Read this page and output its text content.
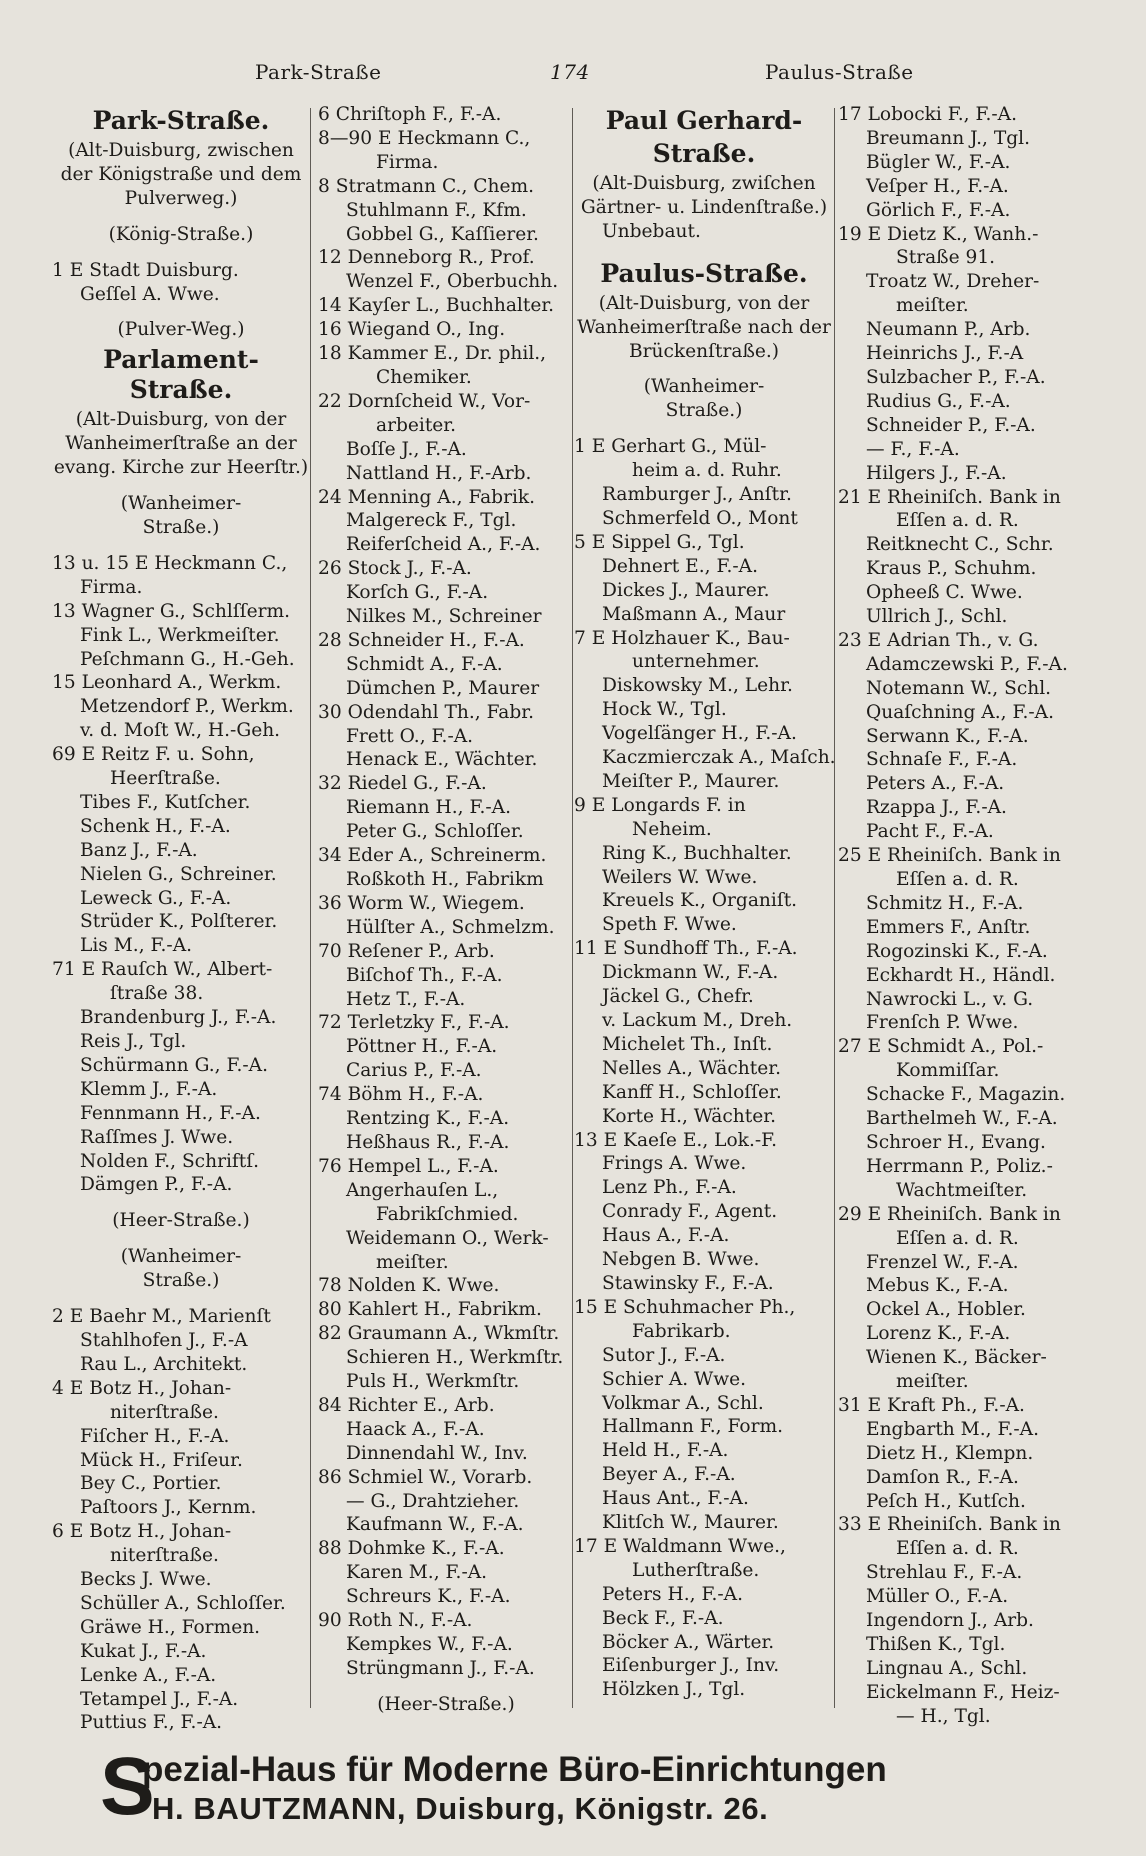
Park-Straße	174	Paulus-Straße
Park-Straße.
(Alt-Duisburg, zwischen
der Königstraße und dem
Pulverweg.)
(König-Straße.)
1 E Stadt Duisburg.
Geſſel A. Wwe.
(Pulver-Weg.)
Parlament-Straße.
(Alt-Duisburg, von der
Wanheimerſtraße an der
evang. Kirche zur Heerſtr.)
(Wanheimer-
Straße.)
13 u. 15 E Heckmann C.,
Firma.
13 Wagner G., Schlſſerm.
Fink L., Werkmeiſter.
Peſchmann G., H.-Geh.
15 Leonhard A., Werkm.
Metzendorf P., Werkm.
v. d. Moſt W., H.-Geh.
69 E Reitz F. u. Sohn,
Heerſtraße.
Tibes F., Kutſcher.
Schenk H., F.-A.
Banz J., F.-A.
Nielen G., Schreiner.
Leweck G., F.-A.
Strüder K., Polſterer.
Lis M., F.-A.
71 E Rauſch W., Albert-
ſtraße 38.
Brandenburg J., F.-A.
Reis J., Tgl.
Schürmann G., F.-A.
Klemm J., F.-A.
Fennmann H., F.-A.
Raſſmes J. Wwe.
Nolden F., Schriftſ.
Dämgen P., F.-A.
(Heer-Straße.)
(Wanheimer-
Straße.)
2 E Baehr M., Marienſt
Stahlhofen J., F.-A
Rau L., Architekt.
4 E Botz H., Johan-
niterſtraße.
Fiſcher H., F.-A.
Mück H., Friſeur.
Bey C., Portier.
Paſtoors J., Kernm.
6 E Botz H., Johan-
niterſtraße.
Becks J. Wwe.
Schüller A., Schloſſer.
Gräwe H., Formen.
Kukat J., F.-A.
Lenke A., F.-A.
Tetampel J., F.-A.
Puttius F., F.-A.
6 Chriſtoph F., F.-A.
8—90 E Heckmann C.,
Firma.
8 Stratmann C., Chem.
Stuhlmann F., Kfm.
Gobbel G., Kaſſierer.
12 Denneborg R., Prof.
Wenzel F., Oberbuchh.
14 Kayſer L., Buchhalter.
16 Wiegand O., Ing.
18 Kammer E., Dr. phil.,
Chemiker.
22 Dornſcheid W., Vor-
arbeiter.
Boſſe J., F.-A.
Nattland H., F.-Arb.
24 Menning A., Fabrik.
Malgereck F., Tgl.
Reiferſcheid A., F.-A.
26 Stock J., F.-A.
Korſch G., F.-A.
Nilkes M., Schreiner
28 Schneider H., F.-A.
Schmidt A., F.-A.
Dümchen P., Maurer
30 Odendahl Th., Fabr.
Frett O., F.-A.
Henack E., Wächter.
32 Riedel G., F.-A.
Riemann H., F.-A.
Peter G., Schloſſer.
34 Eder A., Schreinerm.
Roßkoth H., Fabrikm
36 Worm W., Wiegem.
Hülſter A., Schmelzm.
70 Reſener P., Arb.
Biſchof Th., F.-A.
Hetz T., F.-A.
72 Terletzky F., F.-A.
Pöttner H., F.-A.
Carius P., F.-A.
74 Böhm H., F.-A.
Rentzing K., F.-A.
Heßhaus R., F.-A.
76 Hempel L., F.-A.
Angerhauſen L.,
Fabrikſchmied.
Weidemann O., Werk-
meiſter.
78 Nolden K. Wwe.
80 Kahlert H., Fabrikm.
82 Graumann A., Wkmſtr.
Schieren H., Werkmſtr.
Puls H., Werkmſtr.
84 Richter E., Arb.
Haack A., F.-A.
Dinnendahl W., Inv.
86 Schmiel W., Vorarb.
— G., Drahtzieher.
Kaufmann W., F.-A.
88 Dohmke K., F.-A.
Karen M., F.-A.
Schreurs K., F.-A.
90 Roth N., F.-A.
Kempkes W., F.-A.
Strüngmann J., F.-A.
(Heer-Straße.)
Paul Gerhard-
Straße.
(Alt-Duisburg, zwiſchen
Gärtner- u. Lindenſtraße.)
Unbebaut.
Paulus-Straße.
(Alt-Duisburg, von der
Wanheimerſtraße nach der
Brückenſtraße.)
(Wanheimer-
Straße.)
1 E Gerhart G., Mül-
heim a. d. Ruhr.
Ramburger J., Anſtr.
Schmerfeld O., Mont
5 E Sippel G., Tgl.
Dehnert E., F.-A.
Dickes J., Maurer.
Maßmann A., Maur
7 E Holzhauer K., Bau-
unternehmer.
Diskowsky M., Lehr.
Hock W., Tgl.
Vogelſänger H., F.-A.
Kaczmierczak A., Maſch.
Meiſter P., Maurer.
9 E Longards F. in
Neheim.
Ring K., Buchhalter.
Weilers W. Wwe.
Kreuels K., Organiſt.
Speth F. Wwe.
11 E Sundhoff Th., F.-A.
Dickmann W., F.-A.
Jäckel G., Chefr.
v. Lackum M., Dreh.
Michelet Th., Inſt.
Nelles A., Wächter.
Kanff H., Schloſſer.
Korte H., Wächter.
13 E Kaeſe E., Lok.-F.
Frings A. Wwe.
Lenz Ph., F.-A.
Conrady F., Agent.
Haus A., F.-A.
Nebgen B. Wwe.
Stawinsky F., F.-A.
15 E Schuhmacher Ph.,
Fabrikarb.
Sutor J., F.-A.
Schier A. Wwe.
Volkmar A., Schl.
Hallmann F., Form.
Held H., F.-A.
Beyer A., F.-A.
Haus Ant., F.-A.
Klitſch W., Maurer.
17 E Waldmann Wwe.,
Lutherſtraße.
Peters H., F.-A.
Beck F., F.-A.
Böcker A., Wärter.
Eiſenburger J., Inv.
Hölzken J., Tgl.
17 Lobocki F., F.-A.
Breumann J., Tgl.
Bügler W., F.-A.
Veſper H., F.-A.
Görlich F., F.-A.
19 E Dietz K., Wanh.-
Straße 91.
Troatz W., Dreher-
meiſter.
Neumann P., Arb.
Heinrichs J., F.-A
Sulzbacher P., F.-A.
Rudius G., F.-A.
Schneider P., F.-A.
— F., F.-A.
Hilgers J., F.-A.
21 E Rheiniſch. Bank in
Eſſen a. d. R.
Reitknecht C., Schr.
Kraus P., Schuhm.
Opheeß C. Wwe.
Ullrich J., Schl.
23 E Adrian Th., v. G.
Adamczewski P., F.-A.
Notemann W., Schl.
Quaſchning A., F.-A.
Serwann K., F.-A.
Schnaſe F., F.-A.
Peters A., F.-A.
Rzappa J., F.-A.
Pacht F., F.-A.
25 E Rheiniſch. Bank in
Eſſen a. d. R.
Schmitz H., F.-A.
Emmers F., Anſtr.
Rogozinski K., F.-A.
Eckhardt H., Händl.
Nawrocki L., v. G.
Frenſch P. Wwe.
27 E Schmidt A., Pol.-
Kommiſſar.
Schacke F., Magazin.
Barthelmeh W., F.-A.
Schroer H., Evang.
Herrmann P., Poliz.-
Wachtmeiſter.
29 E Rheiniſch. Bank in
Eſſen a. d. R.
Frenzel W., F.-A.
Mebus K., F.-A.
Ockel A., Hobler.
Lorenz K., F.-A.
Wienen K., Bäcker-
meiſter.
31 E Kraft Ph., F.-A.
Engbarth M., F.-A.
Dietz H., Klempn.
Damſon R., F.-A.
Peſch H., Kutſch.
33 E Rheiniſch. Bank in
Eſſen a. d. R.
Strehlau F., F.-A.
Müller O., F.-A.
Ingendorn J., Arb.
Thißen K., Tgl.
Lingnau A., Schl.
Eickelmann F., Heiz-
— H., Tgl.
S
pezial-Haus für Moderne Büro-Einrichtungen
H. BAUTZMANN, Duisburg, Königstr. 26.
